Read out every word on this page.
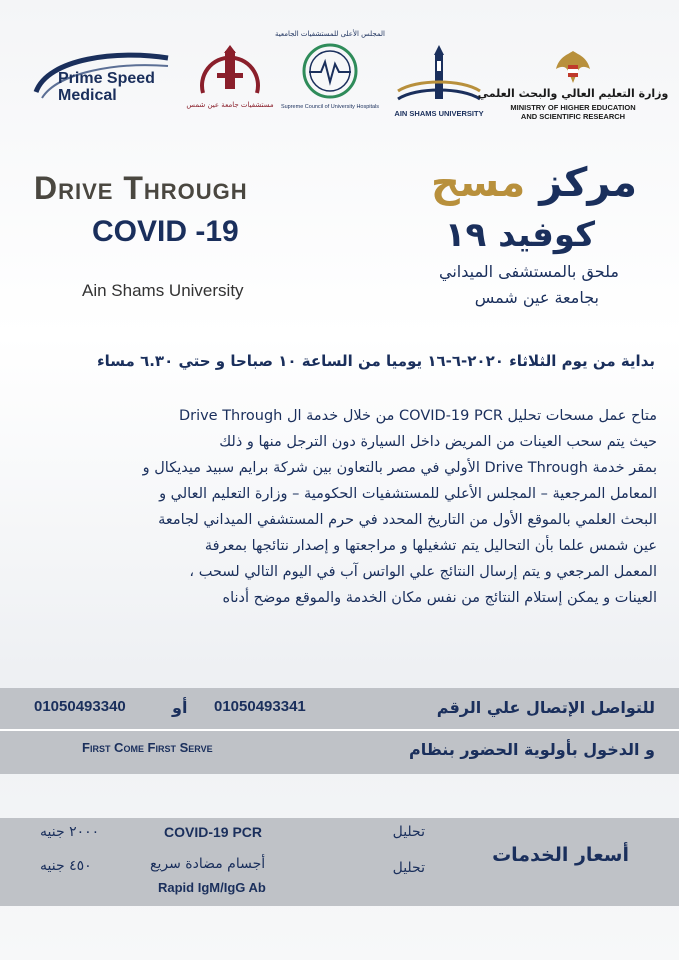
Prime Speed
Medical
مستشفيات جامعة عين شمس
المجلس الأعلى للمستشفيات الجامعية
Supreme Council of University Hospitals
AIN SHAMS UNIVERSITY
وزارة التعليم العالي والبحث العلمي
MINISTRY OF HIGHER EDUCATION
AND SCIENTIFIC RESEARCH
Drive Through
COVID -19
Ain Shams University
مركز مسح
كوفيد ١٩
ملحق بالمستشفى الميداني
بجامعة عين شمس
بداية من يوم الثلاثاء ٢٠٢٠-٦-١٦ يوميا من الساعة ١٠ صباحا و حتي ٦.٣٠ مساء
متاح عمل مسحات تحليل COVID-19 PCR من خلال خدمة ال Drive Through
حيث يتم سحب العينات من المريض داخل السيارة دون الترجل منها و ذلك
بمقر خدمة Drive Through الأولي في مصر بالتعاون بين شركة برايم سبيد ميديكال و
المعامل المرجعية – المجلس الأعلي للمستشفيات الحكومية – وزارة التعليم العالي و
البحث العلمي بالموقع الأول من التاريخ المحدد في حرم المستشفي الميداني لجامعة
عين شمس علما بأن التحاليل يتم تشغيلها و مراجعتها و إصدار نتائجها بمعرفة
المعمل المرجعي و يتم إرسال النتائج علي الواتس آب في اليوم التالي لسحب ،
العينات و يمكن إستلام النتائج من نفس مكان الخدمة والموقع موضح أدناه
للتواصل الإتصال علي الرقم
01050493341
أو
01050493340
و الدخول بأولوية الحضور بنظام
First Come First Serve
أسعار الخدمات
تحليل
COVID-19 PCR
٢٠٠٠ جنيه
تحليل
أجسام مضادة سريع
Rapid IgM/IgG Ab
٤٥٠ جنيه
